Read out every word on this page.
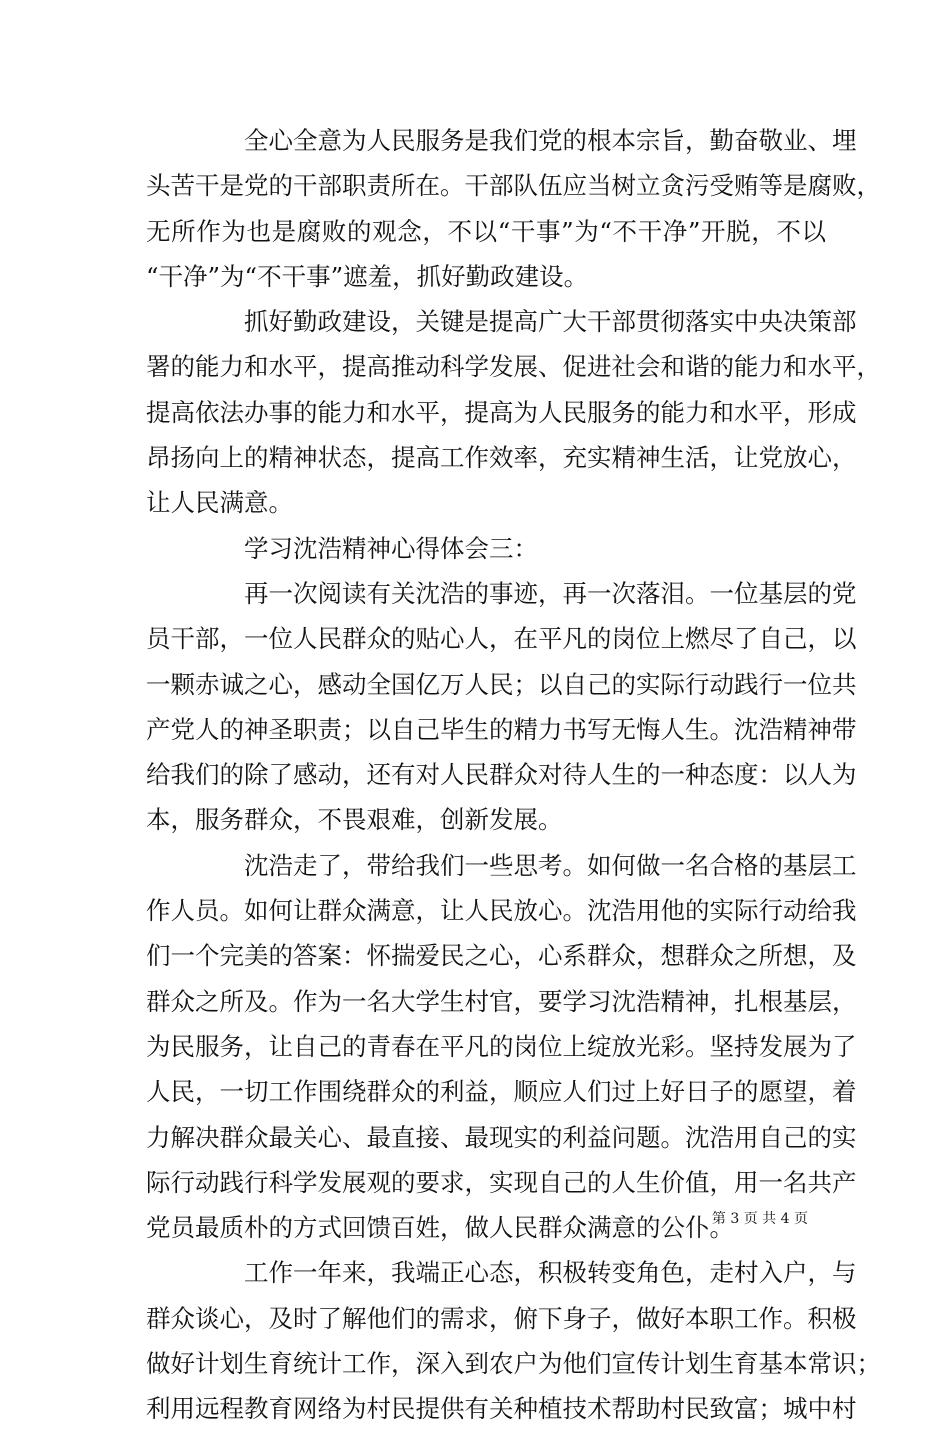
全心全意为人民服务是我们党的根本宗旨，勤奋敬业、埋
头苦干是党的干部职责所在。干部队伍应当树立贪污受贿等是腐败，
无所作为也是腐败的观念，不以“干事”为“不干净”开脱，不以
“干净”为“不干事”遮羞，抓好勤政建设。
抓好勤政建设，关键是提高广大干部贯彻落实中央决策部
署的能力和水平，提高推动科学发展、促进社会和谐的能力和水平，
提高依法办事的能力和水平，提高为人民服务的能力和水平，形成
昂扬向上的精神状态，提高工作效率，充实精神生活，让党放心，
让人民满意。
学习沈浩精神心得体会三：
再一次阅读有关沈浩的事迹，再一次落泪。一位基层的党
员干部，一位人民群众的贴心人，在平凡的岗位上燃尽了自己，以
一颗赤诚之心，感动全国亿万人民；以自己的实际行动践行一位共
产党人的神圣职责；以自己毕生的精力书写无悔人生。沈浩精神带
给我们的除了感动，还有对人民群众对待人生的一种态度：以人为
本，服务群众，不畏艰难，创新发展。
沈浩走了，带给我们一些思考。如何做一名合格的基层工
作人员。如何让群众满意，让人民放心。沈浩用他的实际行动给我
们一个完美的答案：怀揣爱民之心，心系群众，想群众之所想，及
群众之所及。作为一名大学生村官，要学习沈浩精神，扎根基层，
为民服务，让自己的青春在平凡的岗位上绽放光彩。坚持发展为了
人民，一切工作围绕群众的利益，顺应人们过上好日子的愿望，着
力解决群众最关心、最直接、最现实的利益问题。沈浩用自己的实
际行动践行科学发展观的要求，实现自己的人生价值，用一名共产
党员最质朴的方式回馈百姓，做人民群众满意的公仆。
工作一年来，我端正心态，积极转变角色，走村入户，与
群众谈心，及时了解他们的需求，俯下身子，做好本职工作。积极
做好计划生育统计工作，深入到农户为他们宣传计划生育基本常识；
利用远程教育网络为村民提供有关种植技术帮助村民致富；城中村
第 3 页 共 4 页
